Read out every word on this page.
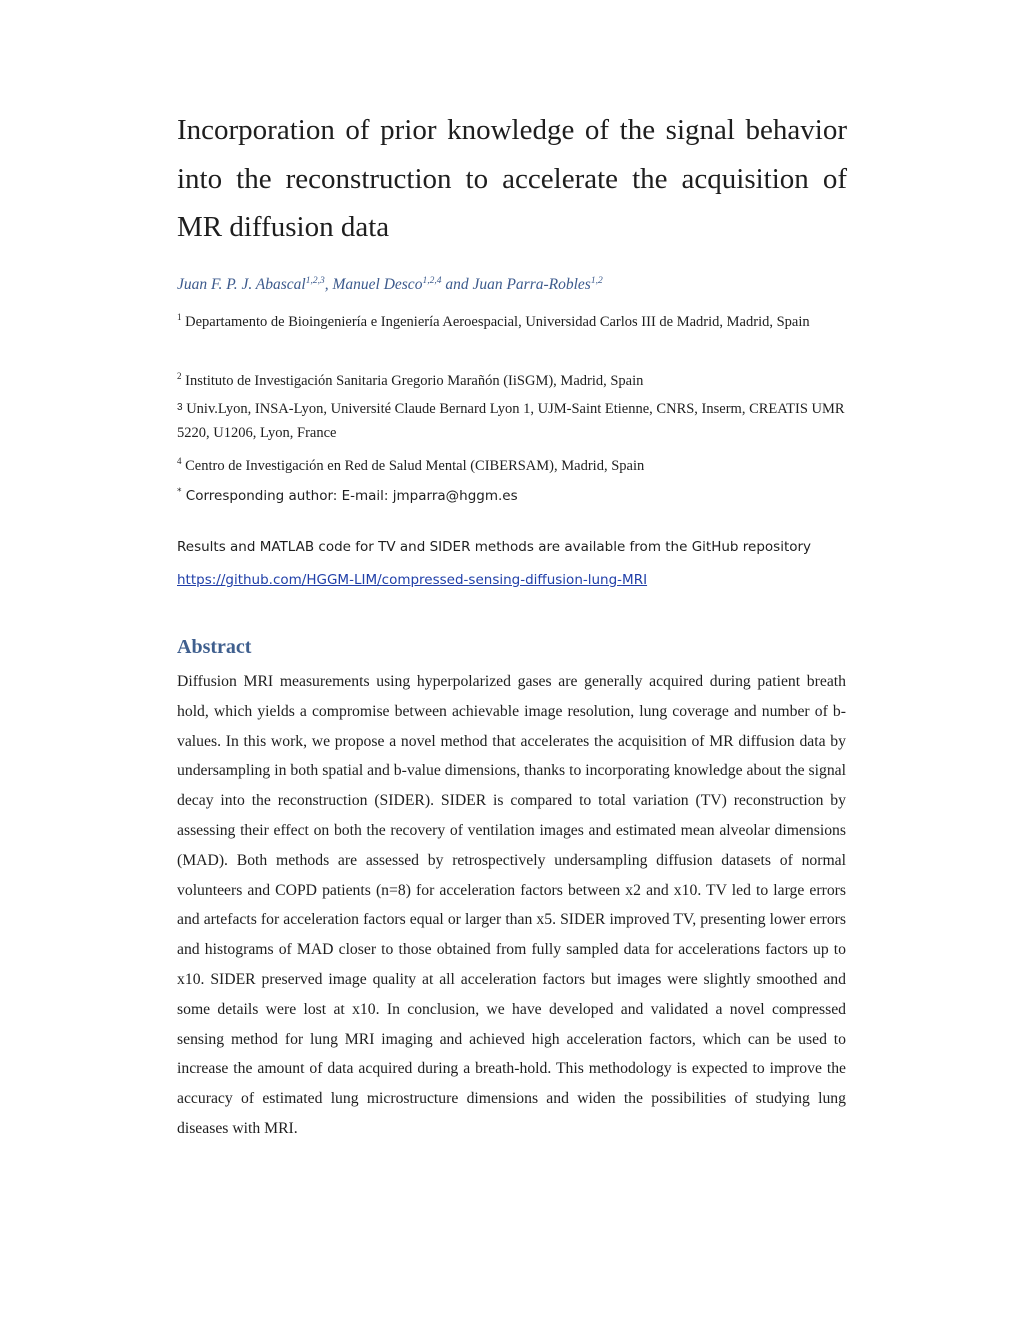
Incorporation of prior knowledge of the signal behavior into the reconstruction to accelerate the acquisition of MR diffusion data

Juan F. P. J. Abascal$^{1,2,3}$, Manuel Desco$^{1,2,4}$ and Juan Parra-Robles$^{1,2}$

$^1$ Departamento de Bioingeniería e Ingeniería Aeroespacial, Universidad Carlos III de Madrid, Madrid, Spain

$^2$ Instituto de Investigación Sanitaria Gregorio Marañón (IiSGM), Madrid, Spain

$^3$ Univ.Lyon, INSA-Lyon, Université Claude Bernard Lyon 1, UJM-Saint Etienne, CNRS, Inserm, CREATIS UMR 5220, U1206, Lyon, France

$^4$ Centro de Investigación en Red de Salud Mental (CIBERSAM), Madrid, Spain

* Corresponding author: E-mail: jmparra@hggm.es

Results and MATLAB code for TV and SIDER methods are available from the GitHub repository
https://github.com/HGGM-LIM/compressed-sensing-diffusion-lung-MRI

Abstract

Diffusion MRI measurements using hyperpolarized gases are generally acquired during patient breath hold, which yields a compromise between achievable image resolution, lung coverage and number of b-values. In this work, we propose a novel method that accelerates the acquisition of MR diffusion data by undersampling in both spatial and b-value dimensions, thanks to incorporating knowledge about the signal decay into the reconstruction (SIDER). SIDER is compared to total variation (TV) reconstruction by assessing their effect on both the recovery of ventilation images and estimated mean alveolar dimensions (MAD). Both methods are assessed by retrospectively undersampling diffusion datasets of normal volunteers and COPD patients (n=8) for acceleration factors between x2 and x10. TV led to large errors and artefacts for acceleration factors equal or larger than x5. SIDER improved TV, presenting lower errors and histograms of MAD closer to those obtained from fully sampled data for accelerations factors up to x10. SIDER preserved image quality at all acceleration factors but images were slightly smoothed and some details were lost at x10. In conclusion, we have developed and validated a novel compressed sensing method for lung MRI imaging and achieved high acceleration factors, which can be used to increase the amount of data acquired during a breath-hold. This methodology is expected to improve the accuracy of estimated lung microstructure dimensions and widen the possibilities of studying lung diseases with MRI.
